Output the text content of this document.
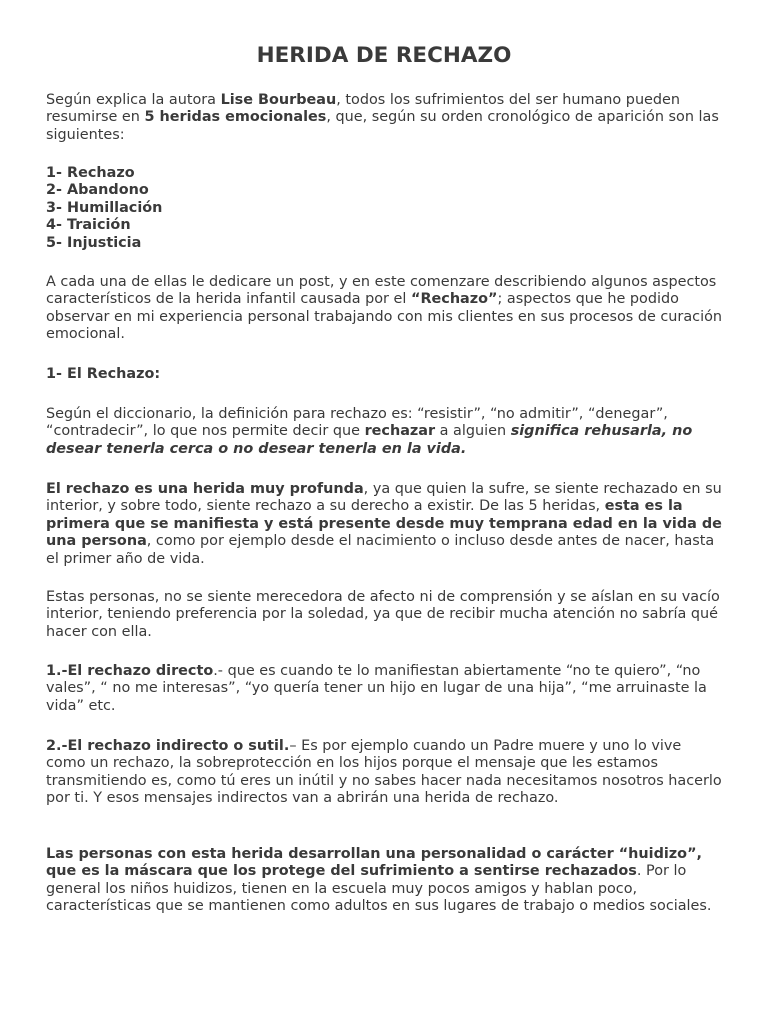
HERIDA DE RECHAZO

Según explica la autora Lise Bourbeau, todos los sufrimientos del ser humano pueden resumirse en 5 heridas emocionales, que, según su orden cronológico de aparición son las siguientes:

1- Rechazo
2- Abandono
3- Humillación
4- Traición
5- Injusticia

A cada una de ellas le dedicare un post, y en este comenzare describiendo algunos aspectos característicos de la herida infantil causada por el “Rechazo”; aspectos que he podido observar en mi experiencia personal trabajando con mis clientes en sus procesos de curación emocional.

1- El Rechazo:

Según el diccionario, la definición para rechazo es: “resistir”, “no admitir”, “denegar”, “contradecir”, lo que nos permite decir que rechazar a alguien significa rehusarla, no desear tenerla cerca o no desear tenerla en la vida.

El rechazo es una herida muy profunda, ya que quien la sufre, se siente rechazado en su interior, y sobre todo, siente rechazo a su derecho a existir. De las 5 heridas, esta es la primera que se manifiesta y está presente desde muy temprana edad en la vida de una persona, como por ejemplo desde el nacimiento o incluso desde antes de nacer, hasta el primer año de vida.

Estas personas, no se siente merecedora de afecto ni de comprensión y se aíslan en su vacío interior, teniendo preferencia por la soledad, ya que de recibir mucha atención no sabría qué hacer con ella.

1.-El rechazo directo.- que es cuando te lo manifiestan abiertamente “no te quiero”, “no vales”, “ no me interesas”, “yo quería tener un hijo en lugar de una hija”, “me arruinaste la vida” etc.

2.-El rechazo indirecto o sutil.– Es por ejemplo cuando un Padre muere y uno lo vive como un rechazo, la sobreprotección en los hijos porque el mensaje que les estamos transmitiendo es, como tú eres un inútil y no sabes hacer nada necesitamos nosotros hacerlo por ti. Y esos mensajes indirectos van a abrirán una herida de rechazo.

Las personas con esta herida desarrollan una personalidad o carácter “huidizo”, que es la máscara que los protege del sufrimiento a sentirse rechazados. Por lo general los niños huidizos, tienen en la escuela muy pocos amigos y hablan poco, características que se mantienen como adultos en sus lugares de trabajo o medios sociales.
